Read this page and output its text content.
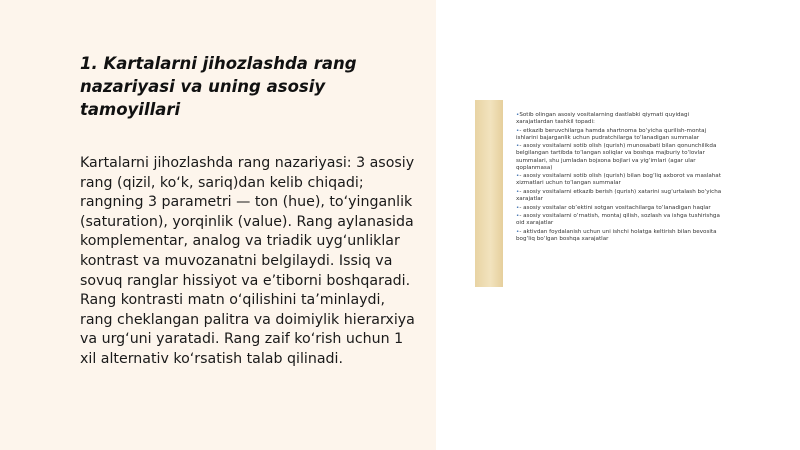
1. Kartalarni jihozlashda rang nazariyasi va uning asosiy tamoyillari

Kartalarni jihozlashda rang nazariyasi: 3 asosiy rang (qizil, ko‘k, sariq)dan kelib chiqadi; rangning 3 parametri — ton (hue), to‘yinganlik (saturation), yorqinlik (value). Rang aylanasida komplementar, analog va triadik uyg‘unliklar kontrast va muvozanatni belgilaydi. Issiq va sovuq ranglar hissiyot va e’tiborni boshqaradi. Rang kontrasti matn o‘qilishini ta’minlaydi, rang cheklangan palitra va doimiylik hierarxiya va urg‘uni yaratadi. Rang zaif ko‘rish uchun 1 xil alternativ ko‘rsatish talab qilinadi.

•Sotib olingan asosiy vositalarning dastlabki qiymati quyidagi xarajatlardan tashkil topadi:
•- etkazib beruvchilarga hamda shartnoma bo‘yicha qurilish-montaj ishlarini bajarganlik uchun pudratchilarga to‘lanadigan summalar
•- asosiy vositalarni sotib olish (qurish) munosabati bilan qonunchilikda belgilangan tartibda to‘langan soliqlar va boshqa majburiy to‘lovlar summalari, shu jumladan bojxona bojlari va yig‘imlari (agar ular qoplanmasa)
•- asosiy vositalarni sotib olish (qurish) bilan bog‘liq axborot va maslahat xizmatlari uchun to‘langan summalar
•- asosiy vositalarni etkazib berish (qurish) xatarini sug‘urtalash bo‘yicha xarajatlar
•- asosiy vositalar ob’ektini sotgan vositachilarga to‘lanadigan haqlar
•- asosiy vositalarni o‘rnatish, montaj qilish, sozlash va ishga tushirishga oid xarajatlar
•- aktivdan foydalanish uchun uni ishchi holatga keltirish bilan bevosita bog‘liq bo‘lgan boshqa xarajatlar
